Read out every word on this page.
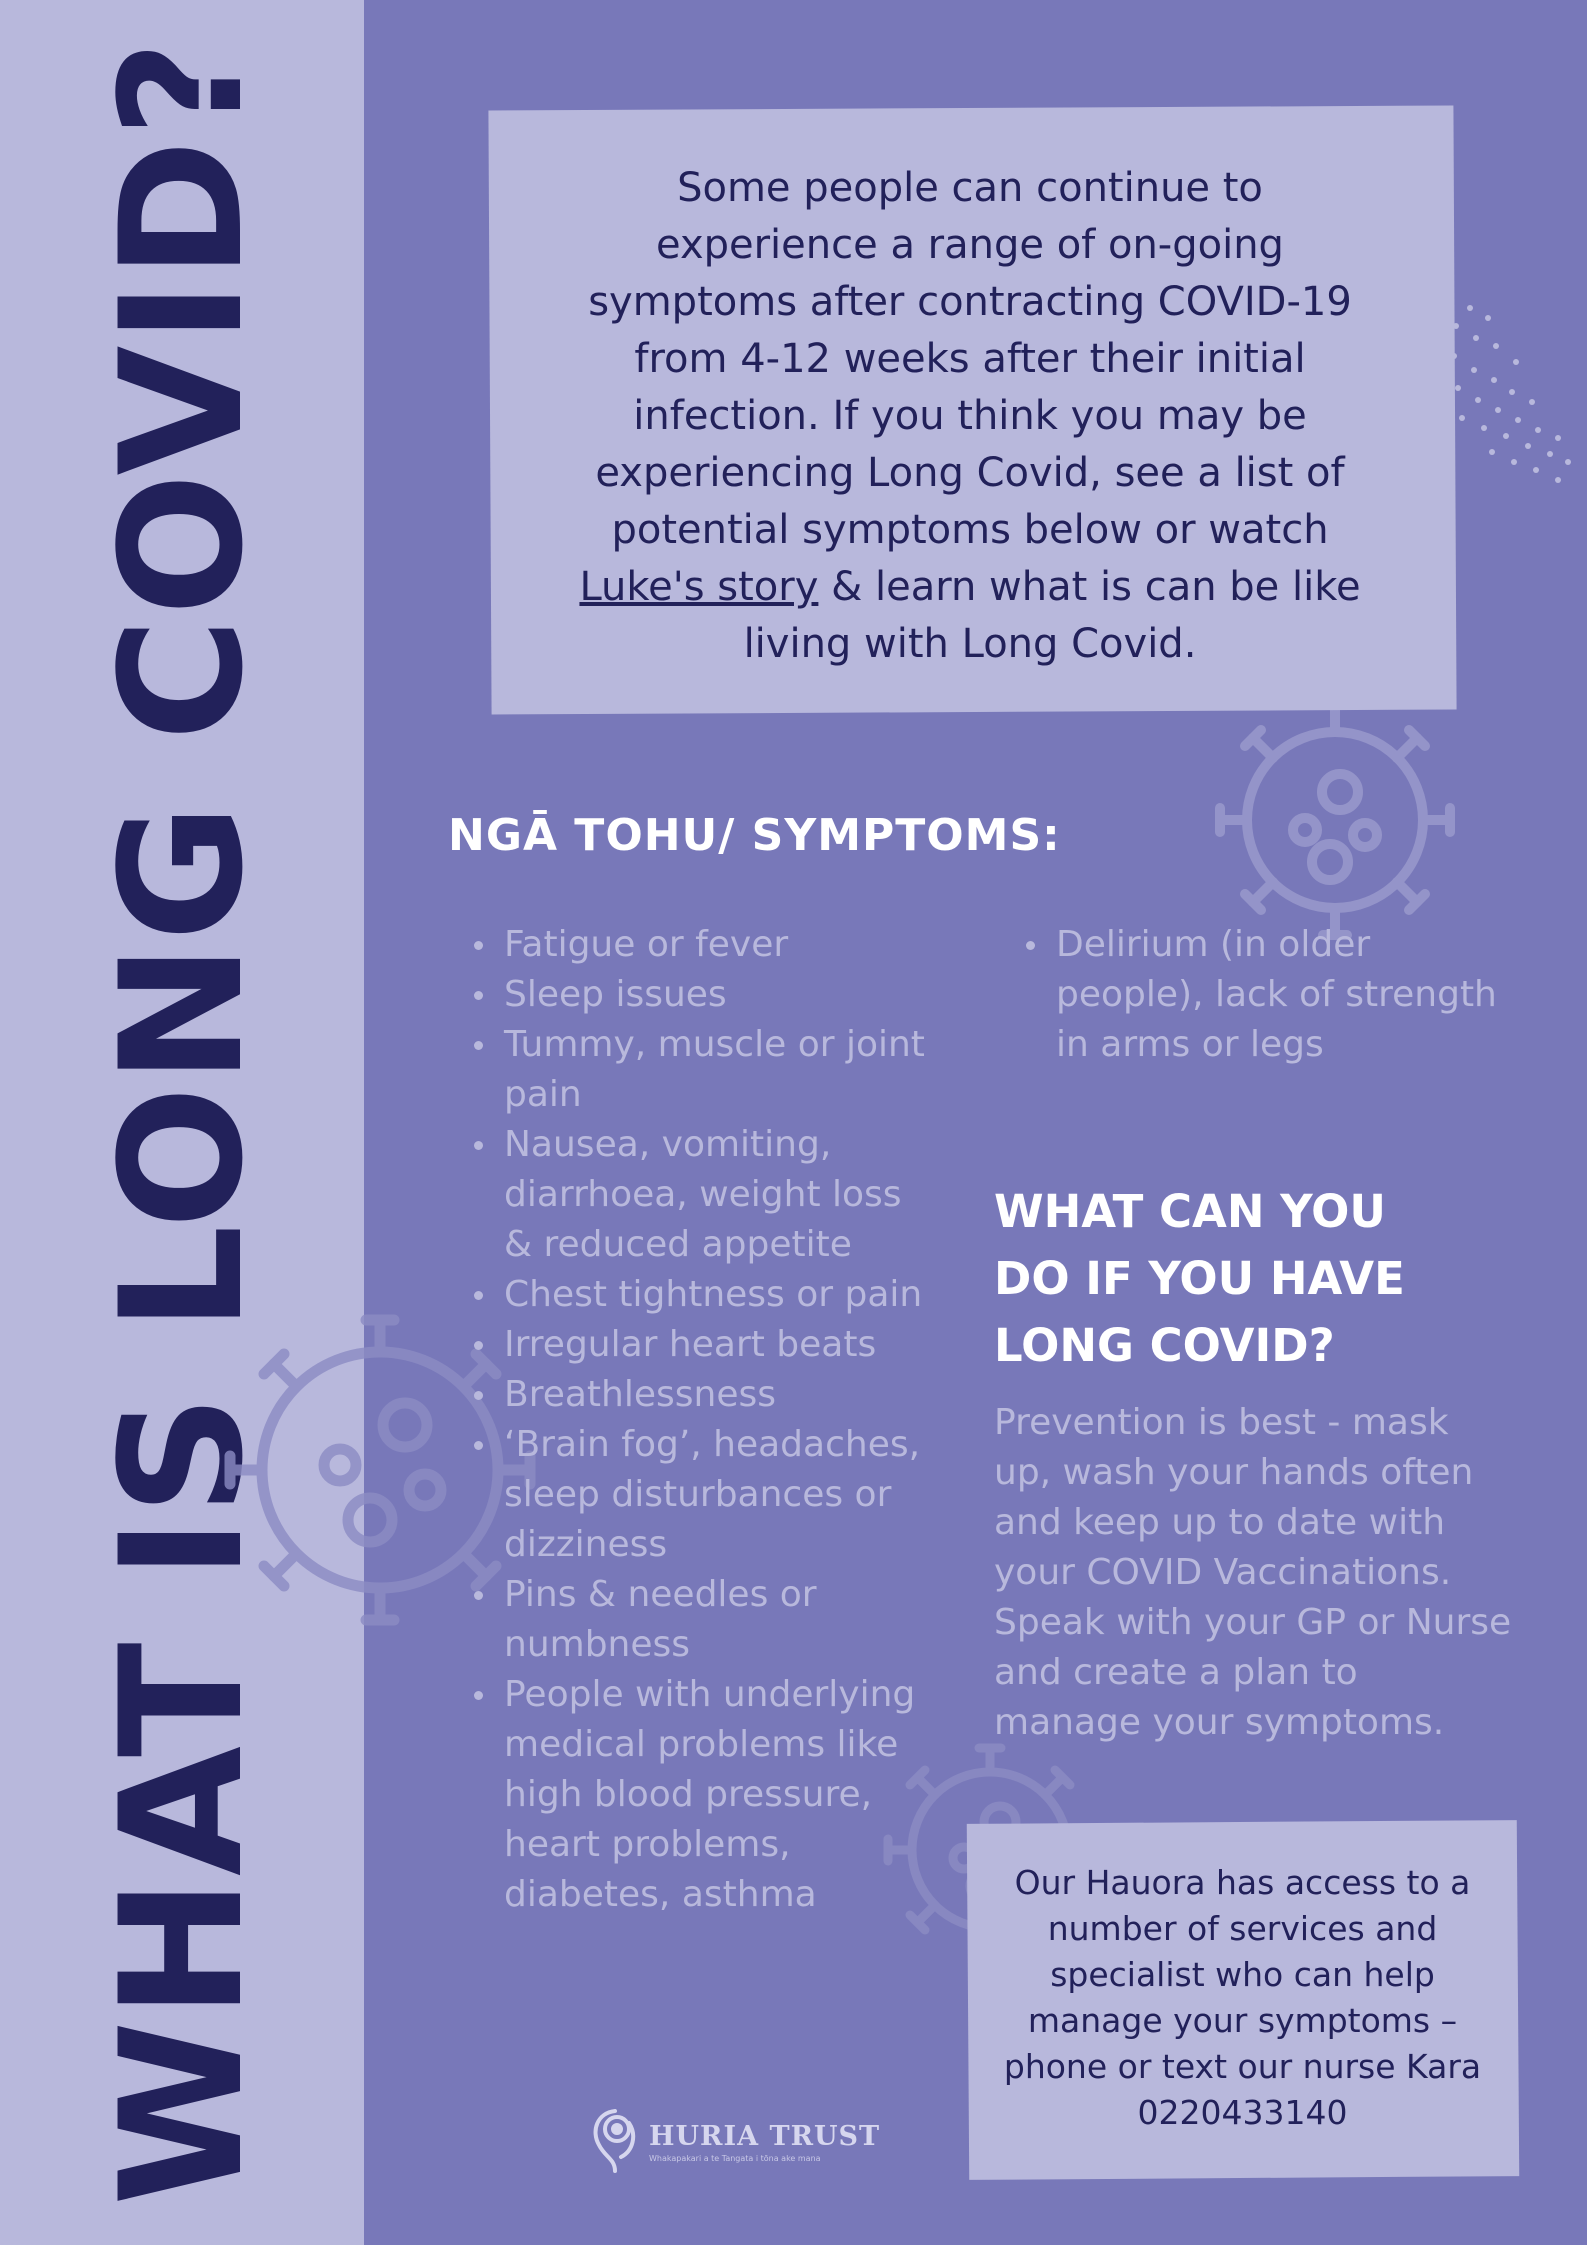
WHAT IS LONG COVID?	Some people can continue to experience a range of on-going symptoms after contracting COVID-19 from 4-12 weeks after their initial infection. If you think you may be experiencing Long Covid, see a list of potential symptoms below or watch Luke's story & learn what is can be like living with Long Covid.

NGĀ TOHU/ SYMPTOMS:
Fatigue or fever
Sleep issues
Tummy, muscle or joint pain
Nausea, vomiting, diarrhoea, weight loss & reduced appetite
Chest tightness or pain
Irregular heart beats
Breathlessness
‘Brain fog’, headaches, sleep disturbances or dizziness
Pins & needles or numbness
People with underlying medical problems like high blood pressure, heart problems, diabetes, asthma
Delirium (in older people), lack of strength in arms or legs
WHAT CAN YOU DO IF YOU HAVE LONG COVID?

Prevention is best - mask up, wash your hands often and keep up to date with your COVID Vaccinations. Speak with your GP or Nurse and create a plan to manage your symptoms.

Our Hauora has access to a number of services and specialist who can help manage your symptoms – phone or text our nurse Kara 0220433140

HURIA TRUST
Whakapakari a te Tangata i tōna ake mana
